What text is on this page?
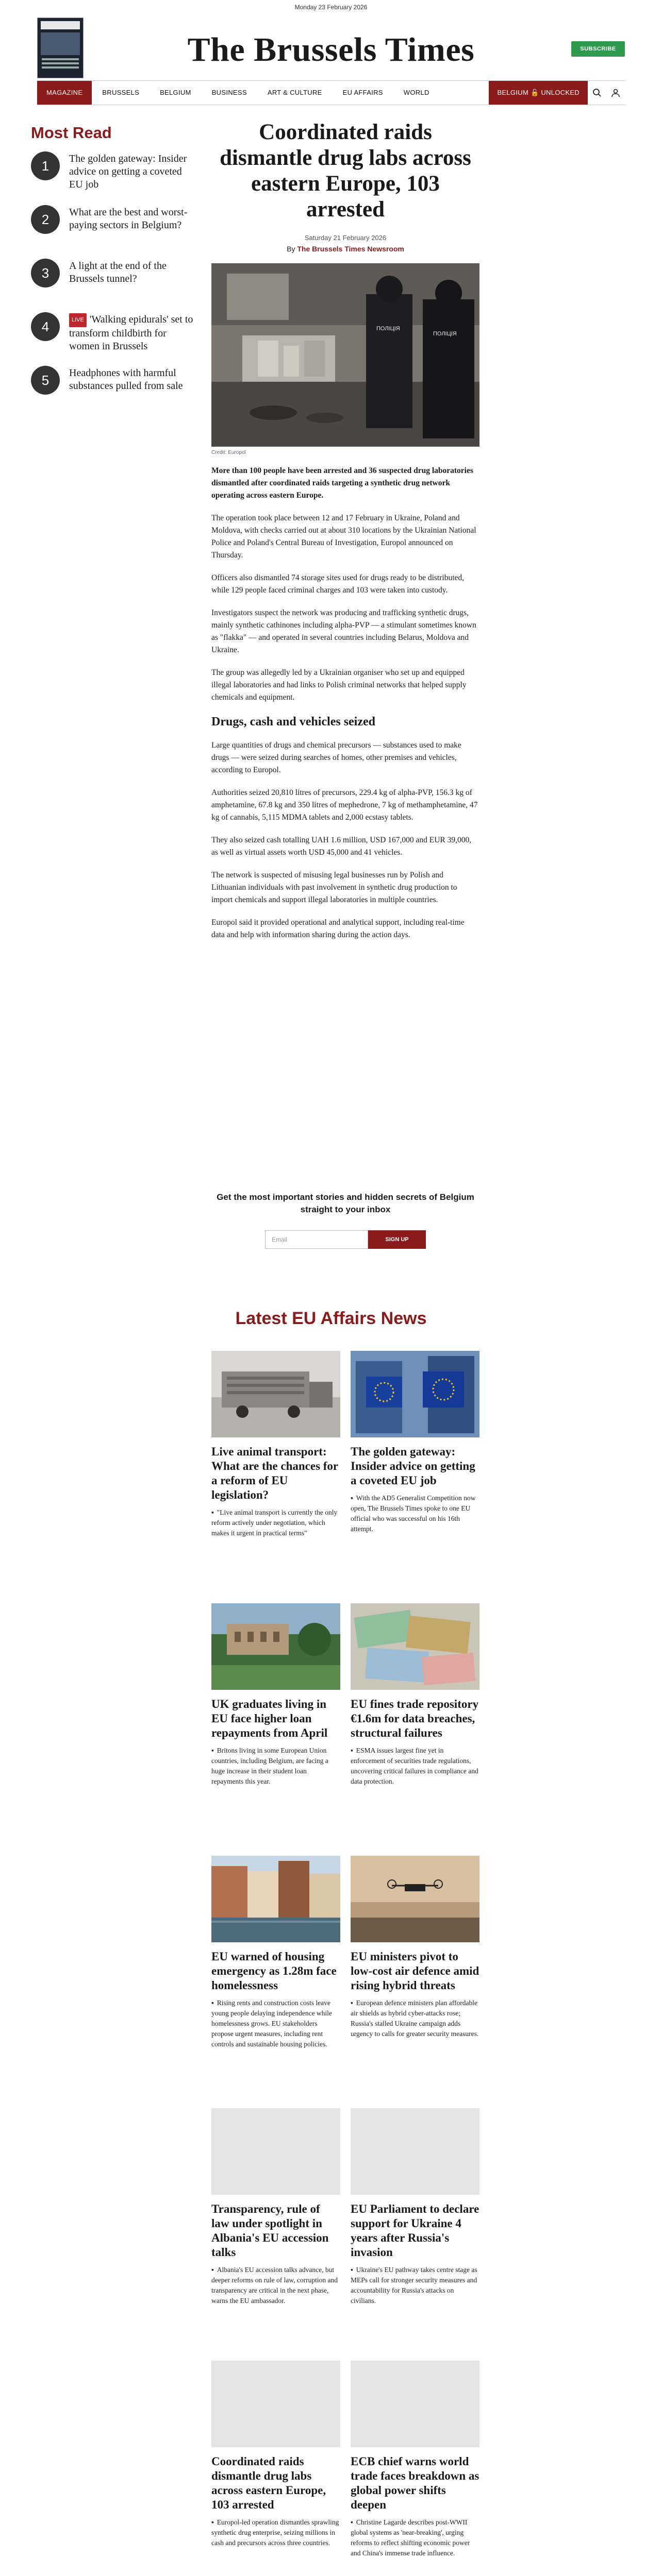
Monday 23 February 2026
The Brussels Times	SUBSCRIBE
MAGAZINE	BRUSSELS	BELGIUM	BUSINESS	ART & CULTURE	EU AFFAIRS	WORLD	BELGIUM 🔓 UNLOCKED
Most Read
1	The golden gateway: Insider advice on getting a coveted EU job
2	What are the best and worst-paying sectors in Belgium?
3	A light at the end of the Brussels tunnel?
4	LIVE 'Walking epidurals' set to transform childbirth for women in Brussels
5	Headphones with harmful substances pulled from sale
Coordinated raids dismantle drug labs across eastern Europe, 103 arrested
Saturday 21 February 2026
By The Brussels Times Newsroom
ПОЛІЦІЯ
ПОЛІЦІЯ
Credit: Europol

More than 100 people have been arrested and 36 suspected drug laboratories dismantled after coordinated raids targeting a synthetic drug network operating across eastern Europe.

The operation took place between 12 and 17 February in Ukraine, Poland and Moldova, with checks carried out at about 310 locations by the Ukrainian National Police and Poland's Central Bureau of Investigation, Europol announced on Thursday.

Officers also dismantled 74 storage sites used for drugs ready to be distributed, while 129 people faced criminal charges and 103 were taken into custody.

Investigators suspect the network was producing and trafficking synthetic drugs, mainly synthetic cathinones including alpha-PVP — a stimulant sometimes known as "flakka" — and operated in several countries including Belarus, Moldova and Ukraine.

The group was allegedly led by a Ukrainian organiser who set up and equipped illegal laboratories and had links to Polish criminal networks that helped supply chemicals and equipment.

Drugs, cash and vehicles seized

Large quantities of drugs and chemical precursors — substances used to make drugs — were seized during searches of homes, other premises and vehicles, according to Europol.

Authorities seized 20,810 litres of precursors, 229.4 kg of alpha-PVP, 156.3 kg of amphetamine, 67.8 kg and 350 litres of mephedrone, 7 kg of methamphetamine, 47 kg of cannabis, 5,115 MDMA tablets and 2,000 ecstasy tablets.

They also seized cash totalling UAH 1.6 million, USD 167,000 and EUR 39,000, as well as virtual assets worth USD 45,000 and 41 vehicles.

The network is suspected of misusing legal businesses run by Polish and Lithuanian individuals with past involvement in synthetic drug production to import chemicals and support illegal laboratories in multiple countries.

Europol said it provided operational and analytical support, including real-time data and help with information sharing during the action days.

Get the most important stories and hidden secrets of Belgium straight to your inbox
Email	SIGN UP
Latest EU Affairs News
Live animal transport: What are the chances for a reform of EU legislation?

▪ "Live animal transport is currently the only reform actively under negotiation, which makes it urgent in practical terms"

The golden gateway: Insider advice on getting a coveted EU job

▪ With the AD5 Generalist Competition now open, The Brussels Times spoke to one EU official who was successful on his 16th attempt.

UK graduates living in EU face higher loan repayments from April

▪ Britons living in some European Union countries, including Belgium, are facing a huge increase in their student loan repayments this year.

EU fines trade repository €1.6m for data breaches, structural failures

▪ ESMA issues largest fine yet in enforcement of securities trade regulations, uncovering critical failures in compliance and data protection.

EU warned of housing emergency as 1.28m face homelessness

▪ Rising rents and construction costs leave young people delaying independence while homelessness grows. EU stakeholders propose urgent measures, including rent controls and sustainable housing policies.

EU ministers pivot to low-cost air defence amid rising hybrid threats

▪ European defence ministers plan affordable air shields as hybrid cyber-attacks rose; Russia's stalled Ukraine campaign adds urgency to calls for greater security measures.

Transparency, rule of law under spotlight in Albania's EU accession talks

▪ Albania's EU accession talks advance, but deeper reforms on rule of law, corruption and transparency are critical in the next phase, warns the EU ambassador.

EU Parliament to declare support for Ukraine 4 years after Russia's invasion

▪ Ukraine's EU pathway takes centre stage as MEPs call for stronger security measures and accountability for Russia's attacks on civilians.

Coordinated raids dismantle drug labs across eastern Europe, 103 arrested

▪ Europol-led operation dismantles sprawling synthetic drug enterprise, seizing millions in cash and precursors across three countries.

ECB chief warns world trade faces breakdown as global power shifts deepen

▪ Christine Lagarde describes post-WWII global systems as 'near-breaking', urging reforms to reflect shifting economic power and China's immense trade influence.
